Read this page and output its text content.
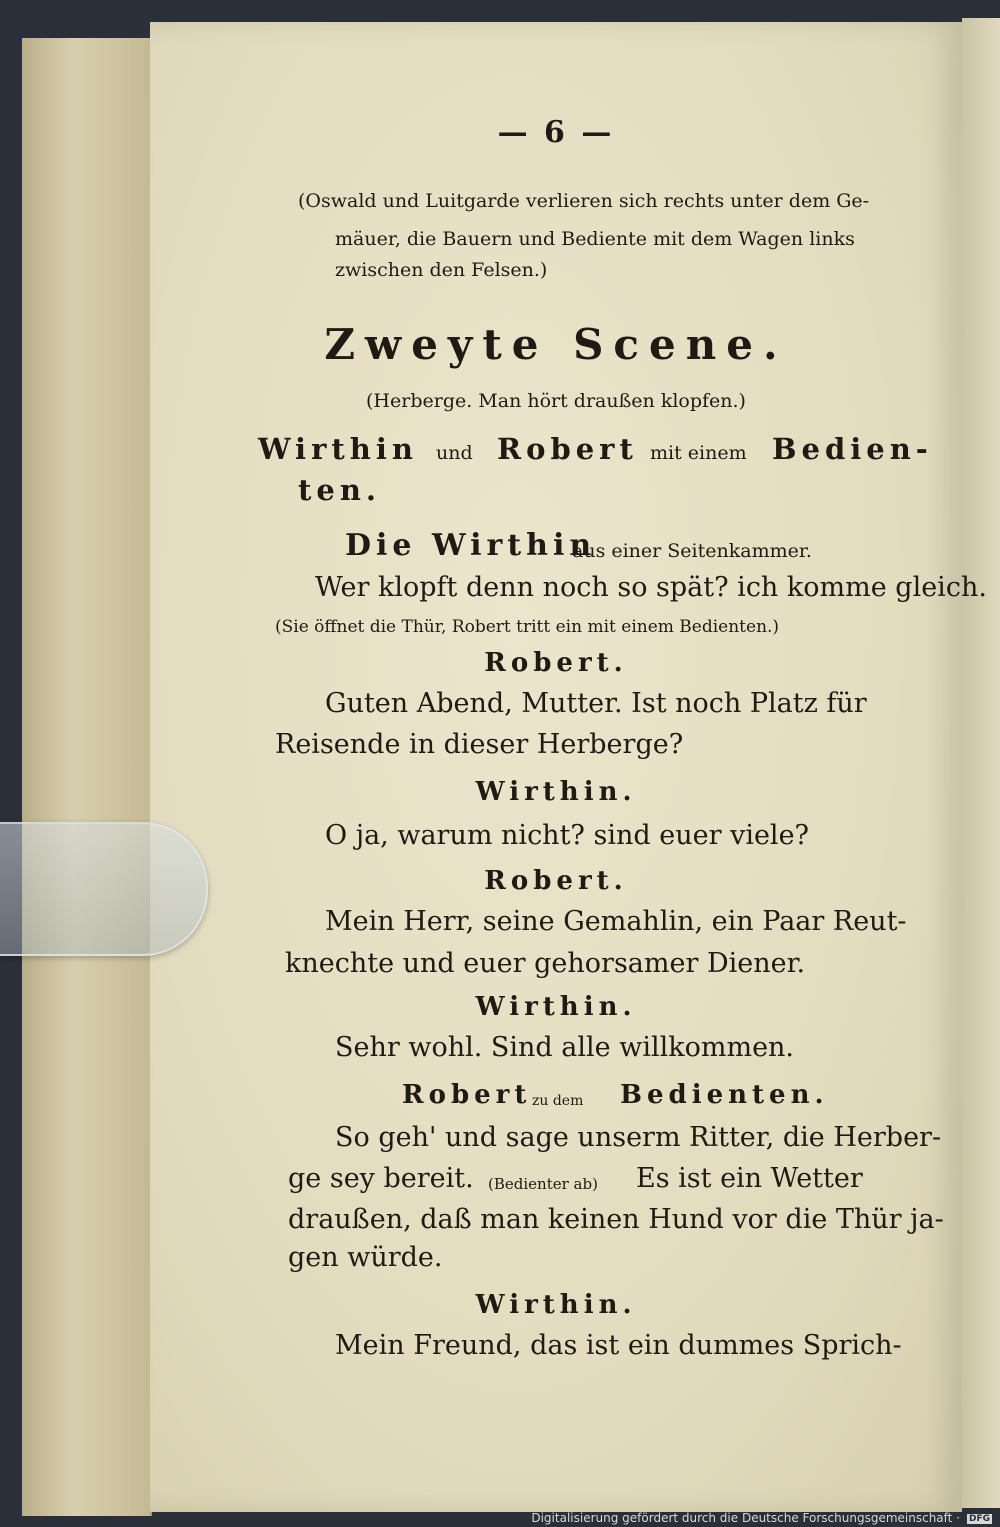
— 6 —
(Oswald und Luitgarde verlieren sich rechts unter dem Ge-
mäuer, die Bauern und Bediente mit dem Wagen links
zwischen den Felsen.)
Zweyte Scene.
(Herberge. Man hört draußen klopfen.)
Wirthin und Robert mit einem Bedien-
ten.
Die Wirthin
aus einer Seitenkammer.
Wer klopft denn noch so spät? ich komme gleich.
(Sie öffnet die Thür, Robert tritt ein mit einem Bedienten.)
Robert.
Guten Abend, Mutter. Ist noch Platz für
Reisende in dieser Herberge?
Wirthin.
O ja, warum nicht? sind euer viele?
Robert.
Mein Herr, seine Gemahlin, ein Paar Reut-
knechte und euer gehorsamer Diener.
Wirthin.
Sehr wohl. Sind alle willkommen.
Robert zu dem Bedienten.
So geh' und sage unserm Ritter, die Herber-
ge sey bereit. (Bedienter ab) Es ist ein Wetter
draußen, daß man keinen Hund vor die Thür ja-
gen würde.
Wirthin.
Mein Freund, das ist ein dummes Sprich-
Digitalisierung gefördert durch die Deutsche Forschungsgemeinschaft · DFG
